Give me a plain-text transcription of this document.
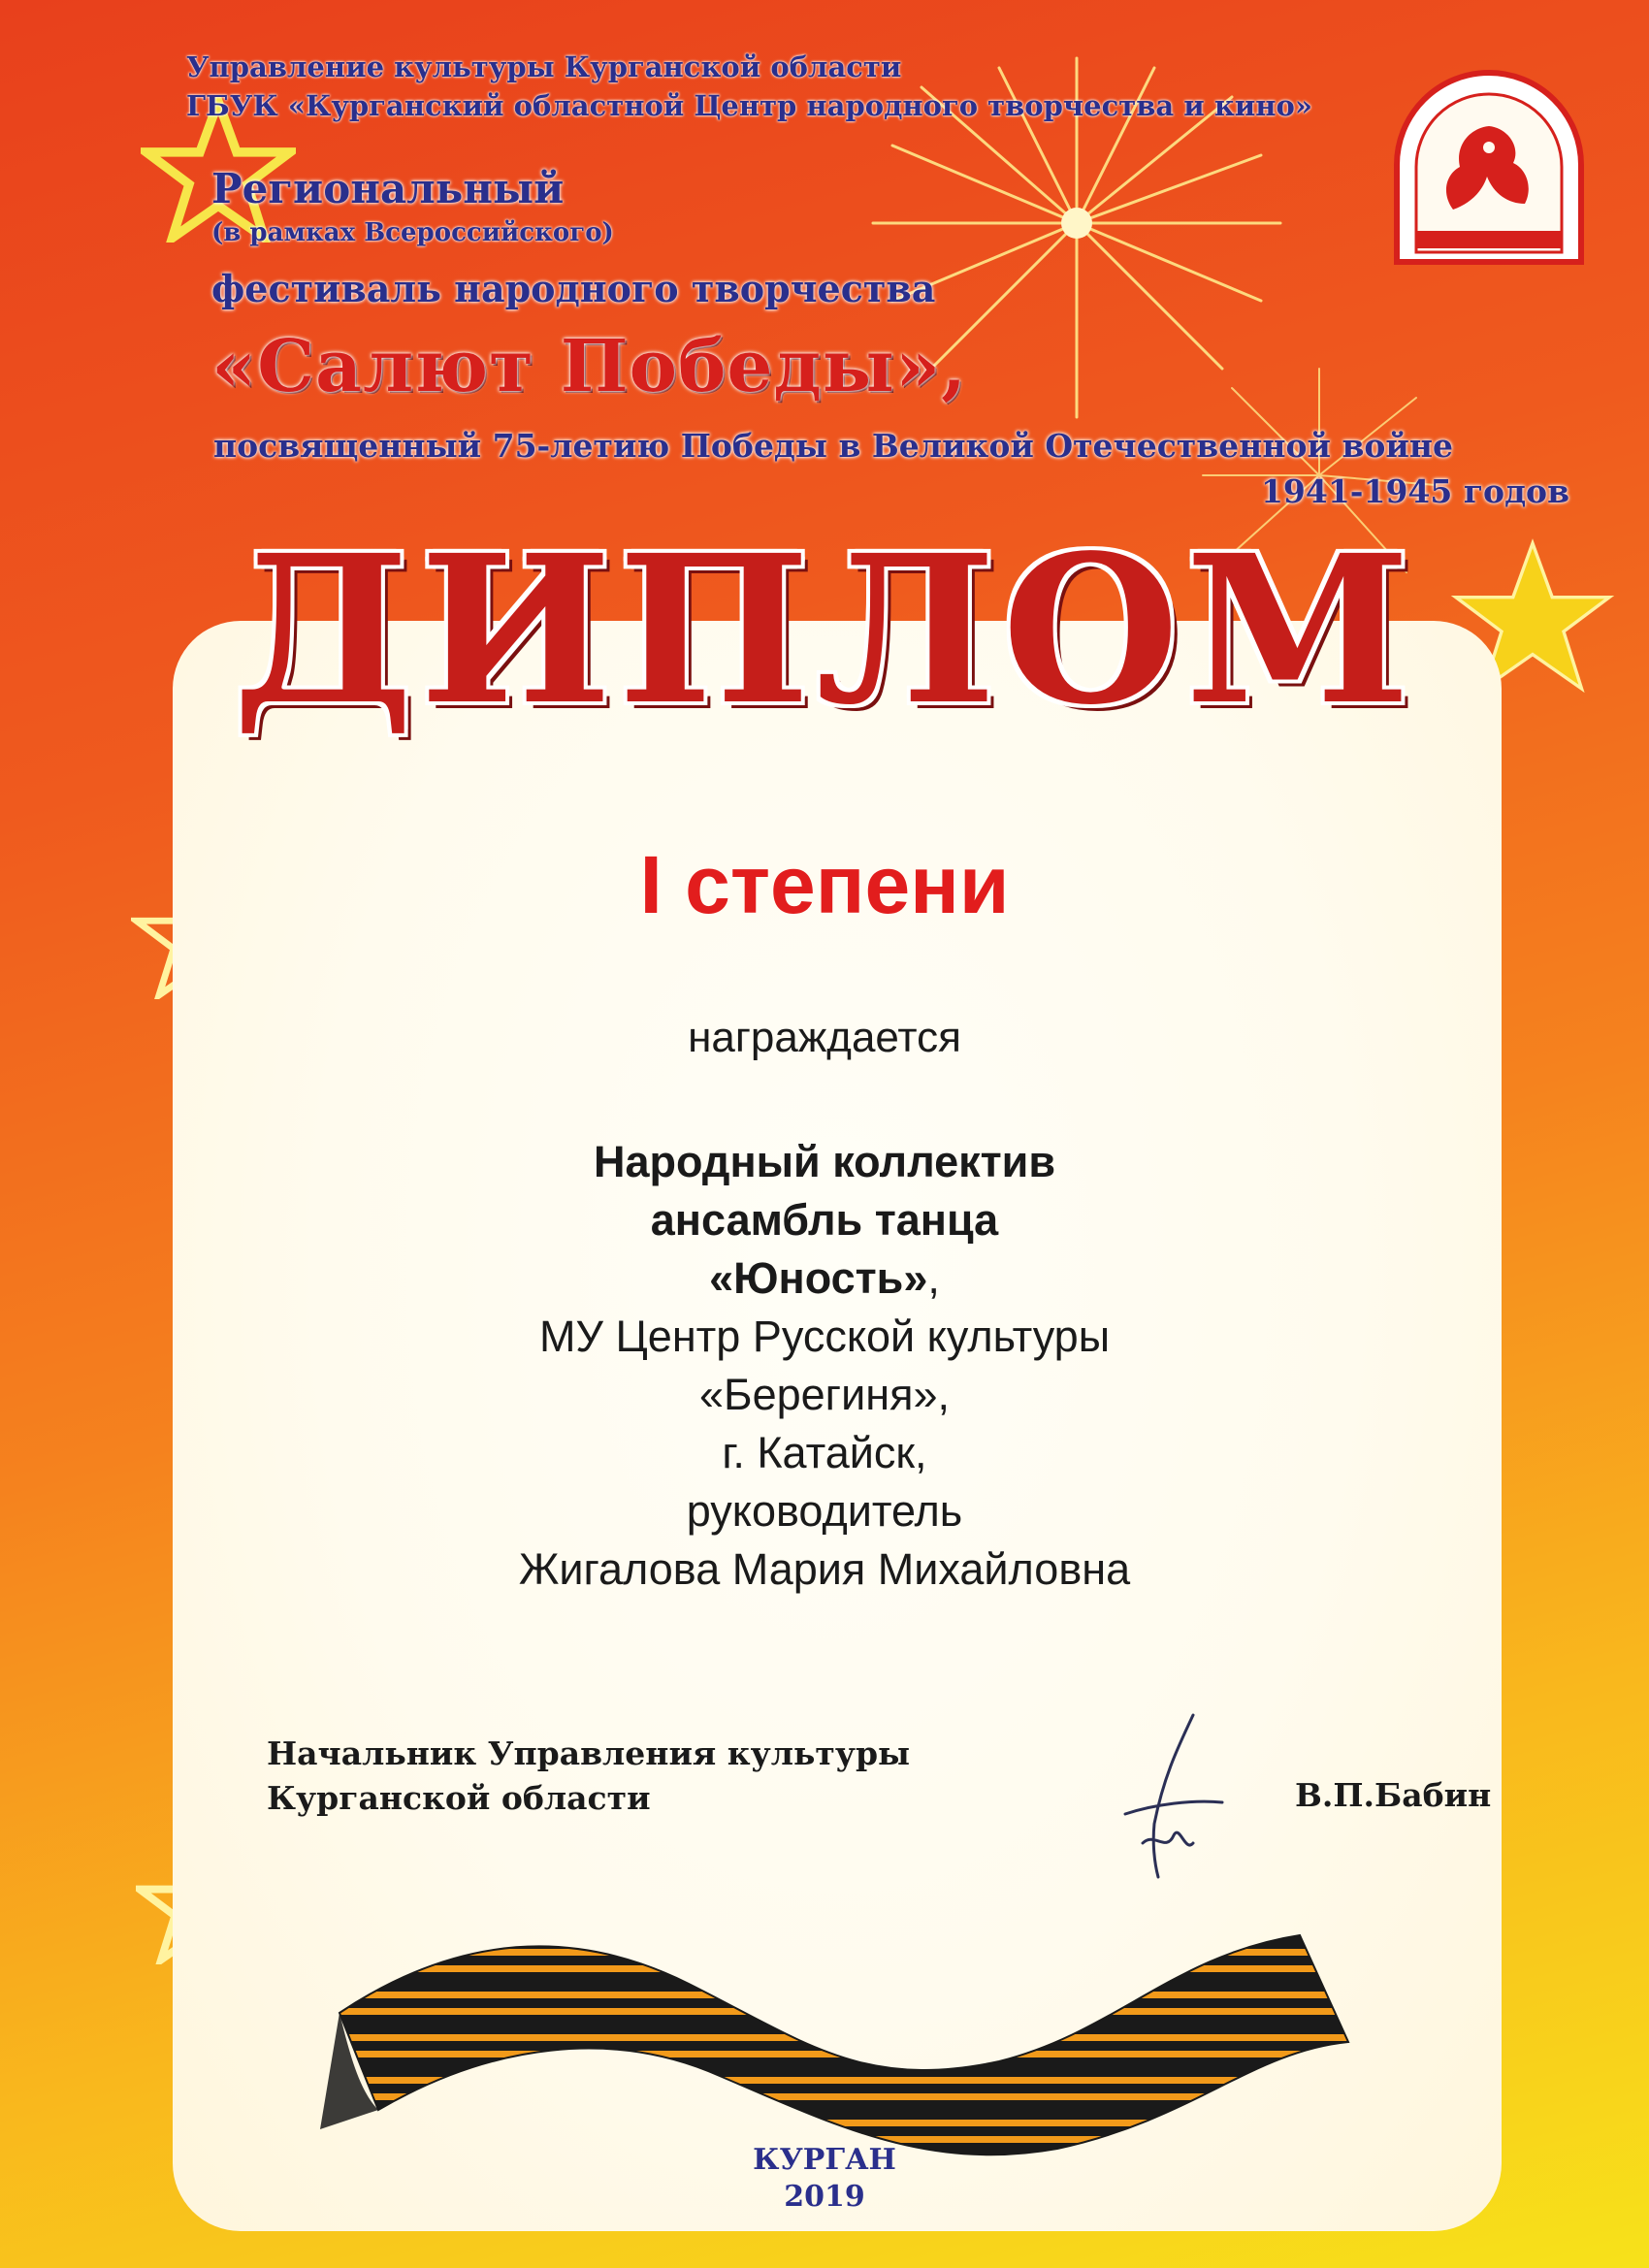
Управление культуры Курганской области
ГБУК «Курганский областной Центр народного творчества и кино»
Региональный
(в рамках Всероссийского)
фестиваль народного творчества
«Салют Победы»,
посвященный 75-летию Победы в Великой Отечественной войне
1941-1945 годов
ДИПЛОМ
I степени
награждается
Народный коллектив
ансамбль танца
«Юность»,
МУ Центр Русской культуры
«Берегиня»,
г. Катайск,
руководитель
Жигалова Мария Михайловна
Начальник Управления культуры
Курганской области	В.П.Бабин
КУРГАН
2019
